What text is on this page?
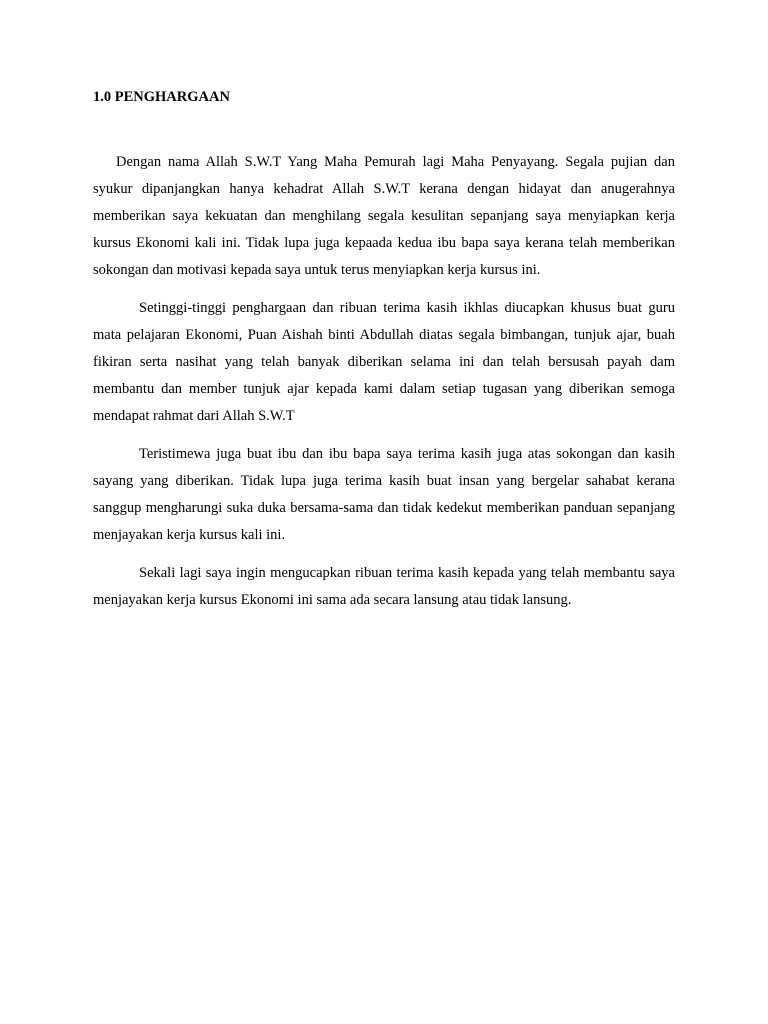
1.0 PENGHARGAAN

Dengan nama Allah S.W.T Yang Maha Pemurah lagi Maha Penyayang. Segala pujian dan syukur dipanjangkan hanya kehadrat Allah S.W.T kerana dengan hidayat dan anugerahnya memberikan saya kekuatan dan menghilang segala kesulitan sepanjang saya menyiapkan kerja kursus Ekonomi kali ini. Tidak lupa juga kepaada kedua ibu bapa saya kerana telah memberikan sokongan dan motivasi kepada saya untuk terus menyiapkan kerja kursus ini.

Setinggi-tinggi penghargaan dan ribuan terima kasih ikhlas diucapkan khusus buat guru mata pelajaran Ekonomi, Puan Aishah binti Abdullah diatas segala bimbangan, tunjuk ajar, buah fikiran serta nasihat yang telah banyak diberikan selama ini dan telah bersusah payah dam membantu dan member tunjuk ajar kepada kami dalam setiap tugasan yang diberikan semoga mendapat rahmat dari Allah S.W.T

Teristimewa juga buat ibu dan ibu bapa saya terima kasih juga atas sokongan dan kasih sayang yang diberikan. Tidak lupa juga terima kasih buat insan yang bergelar sahabat kerana sanggup mengharungi suka duka bersama-sama dan tidak kedekut memberikan panduan sepanjang menjayakan kerja kursus kali ini.

Sekali lagi saya ingin mengucapkan ribuan terima kasih kepada yang telah membantu saya menjayakan kerja kursus Ekonomi ini sama ada secara lansung atau tidak lansung.
